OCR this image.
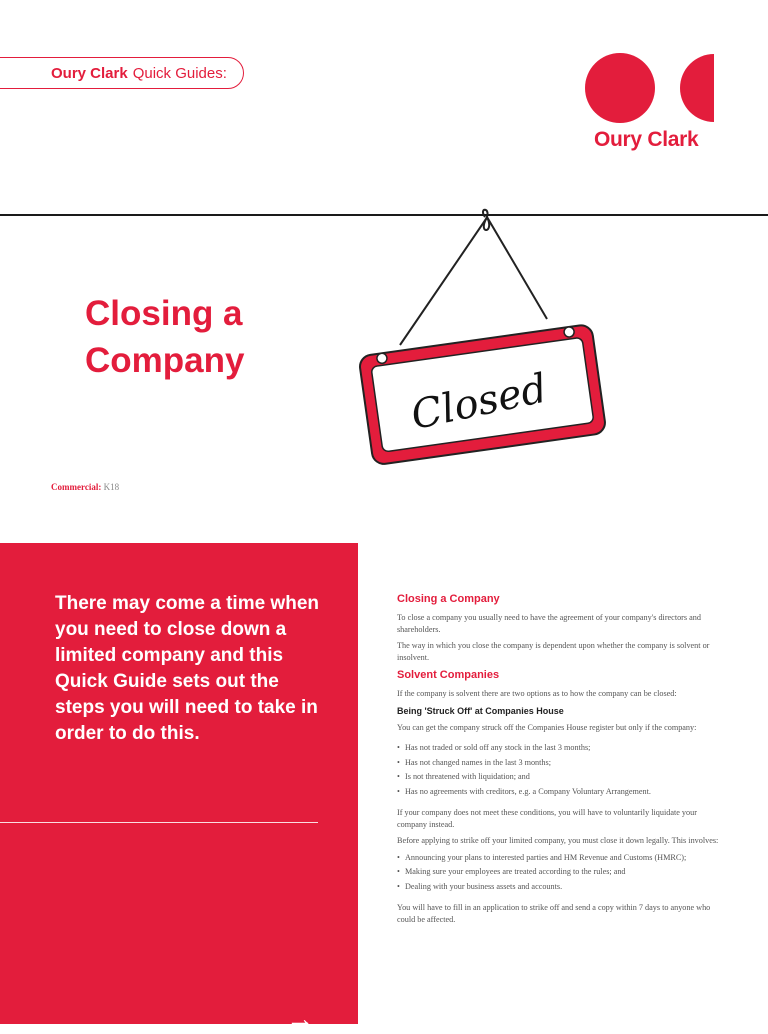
Oury Clark Quick Guides:
Oury Clark
Closed
Closing a
Company
Commercial: K18

There may come a time when you need to close down a limited company and this Quick Guide sets out the steps you will need to take in order to do this.

→
Closing a Company

To close a company you usually need to have the agreement of your company's directors and shareholders.

The way in which you close the company is dependent upon whether the company is solvent or insolvent.

Solvent Companies

If the company is solvent there are two options as to how the company can be closed:

Being 'Struck Off' at Companies House

You can get the company struck off the Companies House register but only if the company:

• Has not traded or sold off any stock in the last 3 months;
• Has not changed names in the last 3 months;
• Is not threatened with liquidation; and
• Has no agreements with creditors, e.g. a Company Voluntary Arrangement.

If your company does not meet these conditions, you will have to voluntarily liquidate your company instead.

Before applying to strike off your limited company, you must close it down legally. This involves:

• Announcing your plans to interested parties and HM Revenue and Customs (HMRC);
• Making sure your employees are treated according to the rules; and
• Dealing with your business assets and accounts.

You will have to fill in an application to strike off and send a copy within 7 days to anyone who could be affected.
